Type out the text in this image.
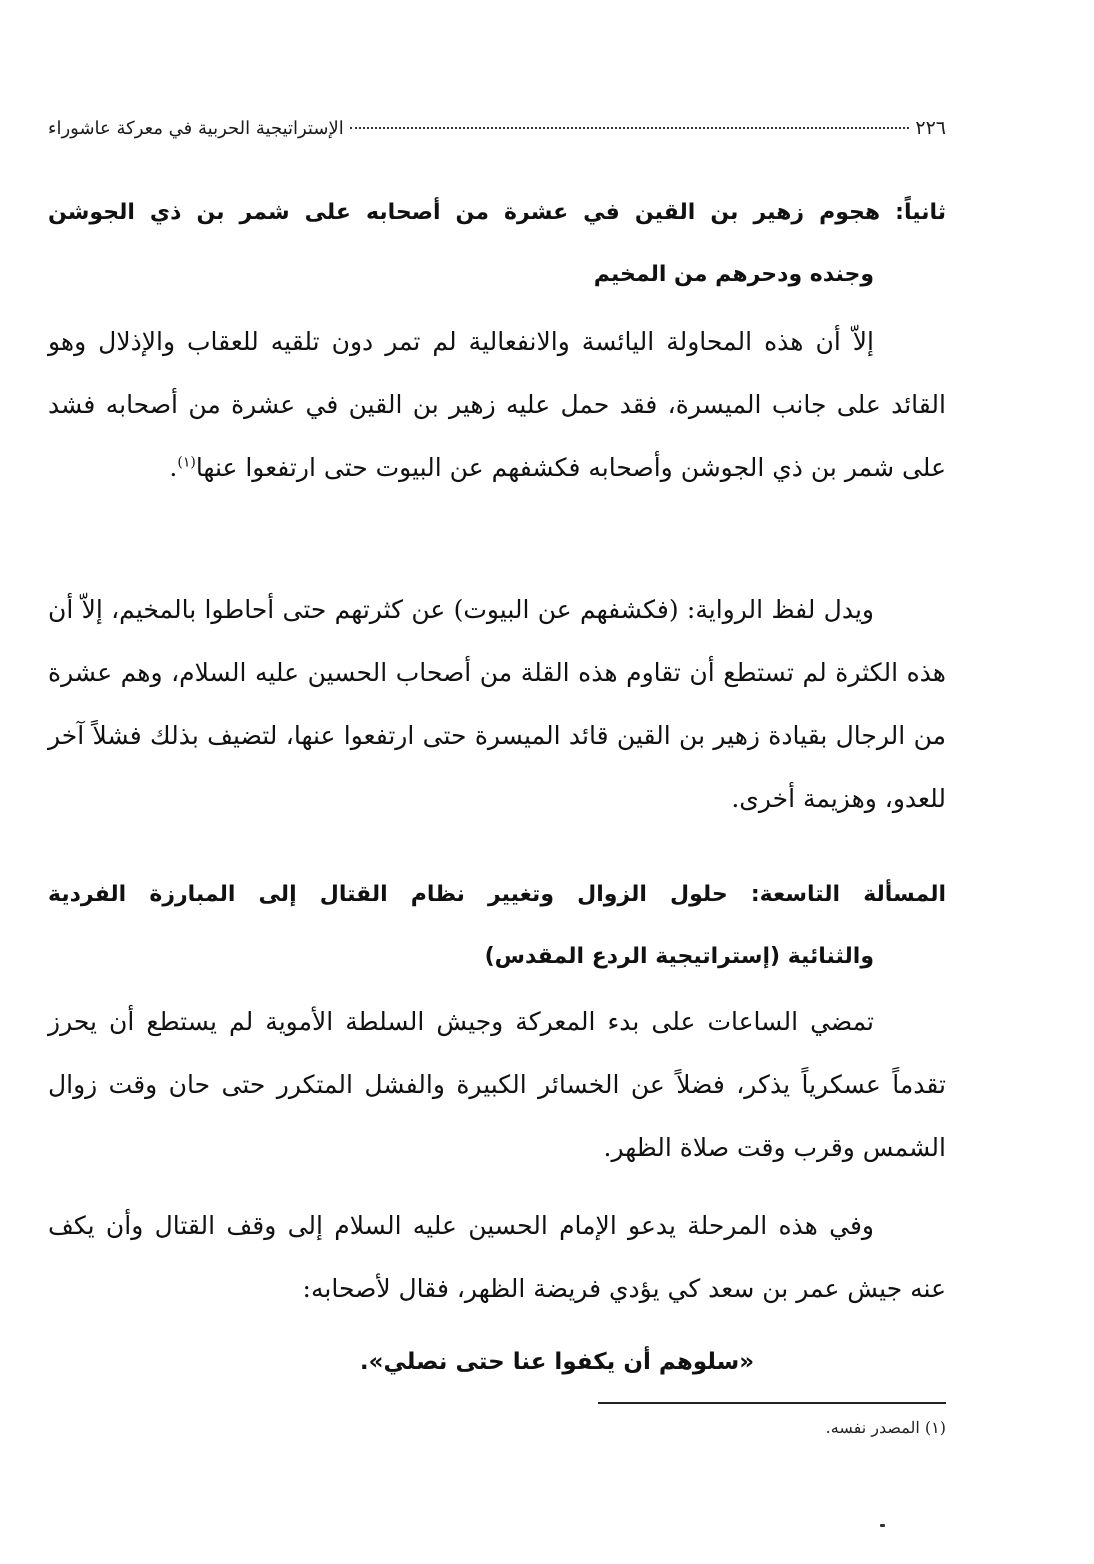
٢٢٦
الإستراتيجية الحربية في معركة عاشوراء
ثانياً: هجوم زهير بن القين في عشرة من أصحابه على شمر بن ذي الجوشن
وجنده ودحرهم من المخيم

إلاّ أن هذه المحاولة اليائسة والانفعالية لم تمر دون تلقيه للعقاب والإذلال وهو القائد على جانب الميسرة، فقد حمل عليه زهير بن القين في عشرة من أصحابه فشد على شمر بن ذي الجوشن وأصحابه فكشفهم عن البيوت حتى ارتفعوا عنها$^{(١)}$.

ويدل لفظ الرواية: (فكشفهم عن البيوت) عن كثرتهم حتى أحاطوا بالمخيم، إلاّ أن هذه الكثرة لم تستطع أن تقاوم هذه القلة من أصحاب الحسين عليه السلام، وهم عشرة من الرجال بقيادة زهير بن القين قائد الميسرة حتى ارتفعوا عنها، لتضيف بذلك فشلاً آخر للعدو، وهزيمة أخرى.

المسألة التاسعة: حلول الزوال وتغيير نظام القتال إلى المبارزة الفردية
والثنائية (إستراتيجية الردع المقدس)

تمضي الساعات على بدء المعركة وجيش السلطة الأموية لم يستطع أن يحرز تقدماً عسكرياً يذكر، فضلاً عن الخسائر الكبيرة والفشل المتكرر حتى حان وقت زوال الشمس وقرب وقت صلاة الظهر.

وفي هذه المرحلة يدعو الإمام الحسين عليه السلام إلى وقف القتال وأن يكف عنه جيش عمر بن سعد كي يؤدي فريضة الظهر، فقال لأصحابه:

«سلوهم أن يكفوا عنا حتى نصلي».
(١) المصدر نفسه.
